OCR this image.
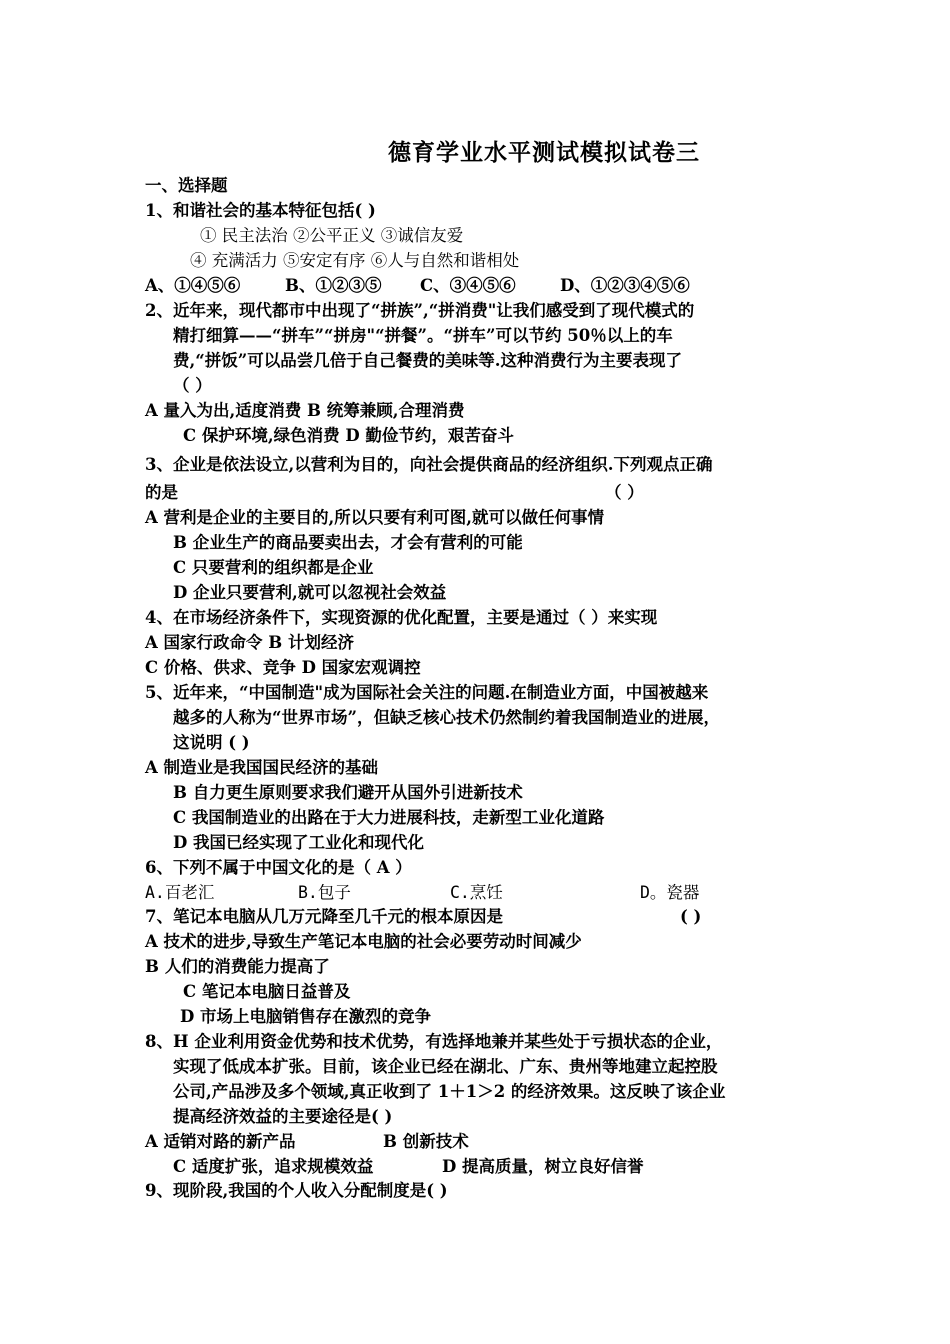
德育学业水平测试模拟试卷三
一、选择题
1、和谐社会的基本特征包括( )
① 民主法治 ②公平正义 ③诚信友爱
④ 充满活力 ⑤安定有序 ⑥人与自然和谐相处
A、①④⑤⑥	B、①②③⑤ C、③④⑤⑥	D、①②③④⑤⑥
2、近年来，现代都市中出现了“拼族”,“拼消费"让我们感受到了现代模式的
精打细算——“拼车”“拼房"“拼餐”。“拼车”可以节约 50％以上的车
费,“拼饭”可以品尝几倍于自己餐费的美味等.这种消费行为主要表现了
（ ）
A 量入为出,适度消费 B 统筹兼顾,合理消费
C 保护环境,绿色消费 D 勤俭节约，艰苦奋斗
3、企业是依法设立,以营利为目的，向社会提供商品的经济组织.下列观点正确
的是	（ ）
A 营利是企业的主要目的,所以只要有利可图,就可以做任何事情
B 企业生产的商品要卖出去，才会有营利的可能
C 只要营利的组织都是企业
D 企业只要营利,就可以忽视社会效益
4、在市场经济条件下，实现资源的优化配置，主要是通过（ ）来实现
A 国家行政命令 B 计划经济
C 价格、供求、竞争 D 国家宏观调控
5、近年来，“中国制造"成为国际社会关注的问题.在制造业方面，中国被越来
越多的人称为“世界市场”，但缺乏核心技术仍然制约着我国制造业的进展，
这说明 ( )
A 制造业是我国国民经济的基础
B 自力更生原则要求我们避开从国外引进新技术
C 我国制造业的出路在于大力进展科技，走新型工业化道路
D 我国已经实现了工业化和现代化
6、下列不属于中国文化的是（ A ）
A.百老汇	B.包子	C.烹饪	D。瓷器
7、笔记本电脑从几万元降至几千元的根本原因是	( )
A 技术的进步,导致生产笔记本电脑的社会必要劳动时间减少
B 人们的消费能力提高了
C 笔记本电脑日益普及
D 市场上电脑销售存在激烈的竞争
8、H 企业利用资金优势和技术优势，有选择地兼并某些处于亏损状态的企业，
实现了低成本扩张。目前，该企业已经在湖北、广东、贵州等地建立起控股
公司,产品涉及多个领域,真正收到了 1＋1＞2 的经济效果。这反映了该企业
提高经济效益的主要途径是( )
A 适销对路的新产品	B 创新技术
C 适度扩张，追求规模效益	D 提高质量，树立良好信誉
9、现阶段,我国的个人收入分配制度是( )
